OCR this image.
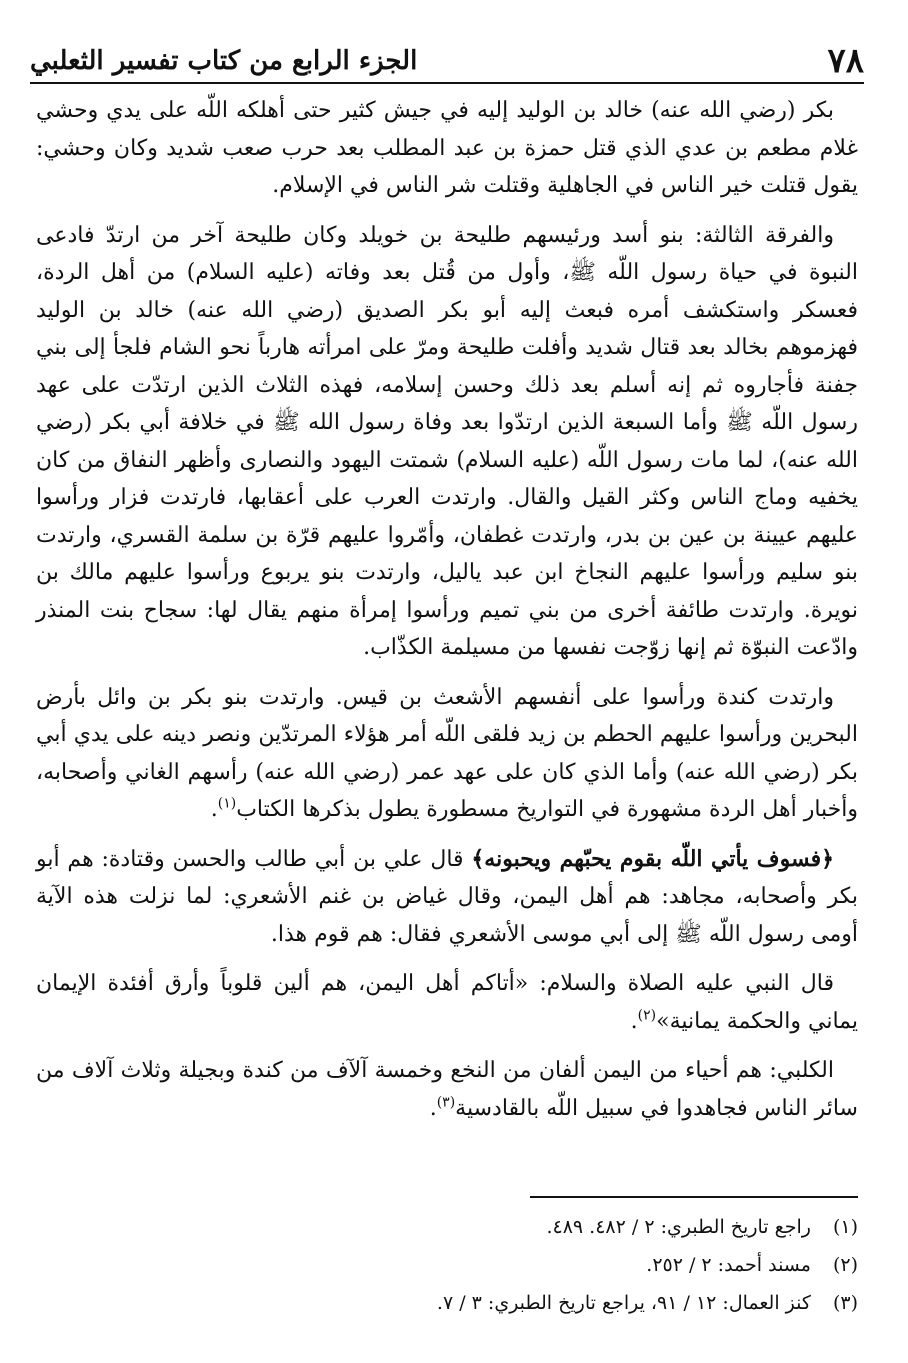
٧٨
الجزء الرابع من كتاب تفسير الثعلبي

بكر (رضي الله عنه) خالد بن الوليد إليه في جيش كثير حتى أهلكه اللّه على يدي وحشي غلام مطعم بن عدي الذي قتل حمزة بن عبد المطلب بعد حرب صعب شديد وكان وحشي: يقول قتلت خير الناس في الجاهلية وقتلت شر الناس في الإسلام.

والفرقة الثالثة: بنو أسد ورئيسهم طليحة بن خويلد وكان طليحة آخر من ارتدّ فادعى النبوة في حياة رسول اللّه ﷺ، وأول من قُتل بعد وفاته (عليه السلام) من أهل الردة، فعسكر واستكشف أمره فبعث إليه أبو بكر الصديق (رضي الله عنه) خالد بن الوليد فهزموهم بخالد بعد قتال شديد وأفلت طليحة ومرّ على امرأته هارباً نحو الشام فلجأ إلى بني جفنة فأجاروه ثم إنه أسلم بعد ذلك وحسن إسلامه، فهذه الثلاث الذين ارتدّت على عهد رسول اللّه ﷺ وأما السبعة الذين ارتدّوا بعد وفاة رسول الله ﷺ في خلافة أبي بكر (رضي الله عنه)، لما مات رسول اللّه (عليه السلام) شمتت اليهود والنصارى وأظهر النفاق من كان يخفيه وماج الناس وكثر القيل والقال. وارتدت العرب على أعقابها، فارتدت فزار ورأسوا عليهم عيينة بن عين بن بدر، وارتدت غطفان، وأمّروا عليهم قرّة بن سلمة القسري، وارتدت بنو سليم ورأسوا عليهم النجاخ ابن عبد ياليل، وارتدت بنو يربوع ورأسوا عليهم مالك بن نويرة. وارتدت طائفة أخرى من بني تميم ورأسوا إمرأة منهم يقال لها: سجاح بنت المنذر وادّعت النبوّة ثم إنها زوّجت نفسها من مسيلمة الكذّاب.

وارتدت كندة ورأسوا على أنفسهم الأشعث بن قيس. وارتدت بنو بكر بن وائل بأرض البحرين ورأسوا عليهم الحطم بن زيد فلقى اللّه أمر هؤلاء المرتدّين ونصر دينه على يدي أبي بكر (رضي الله عنه) وأما الذي كان على عهد عمر (رضي الله عنه) رأسهم الغاني وأصحابه، وأخبار أهل الردة مشهورة في التواريخ مسطورة يطول بذكرها الكتاب$^{(١)}$.

﴿فسوف يأتي اللّه بقوم يحبّهم ويحبونه﴾ قال علي بن أبي طالب والحسن وقتادة: هم أبو بكر وأصحابه، مجاهد: هم أهل اليمن، وقال غياض بن غنم الأشعري: لما نزلت هذه الآية أومى رسول اللّه ﷺ إلى أبي موسى الأشعري فقال: هم قوم هذا.

قال النبي عليه الصلاة والسلام: «أتاكم أهل اليمن، هم ألين قلوباً وأرق أفئدة الإيمان يماني والحكمة يمانية»$^{(٢)}$.

الكلبي: هم أحياء من اليمن ألفان من النخع وخمسة آلآف من كندة وبجيلة وثلاث آلاف من سائر الناس فجاهدوا في سبيل اللّه بالقادسية$^{(٣)}$.

(١)
راجع تاريخ الطبري: ٢ / ٤٨٢. ٤٨٩.
(٢)
مسند أحمد: ٢ / ٢٥٢.
(٣)
كنز العمال: ١٢ / ٩١، يراجع تاريخ الطبري: ٣ / ٧.
